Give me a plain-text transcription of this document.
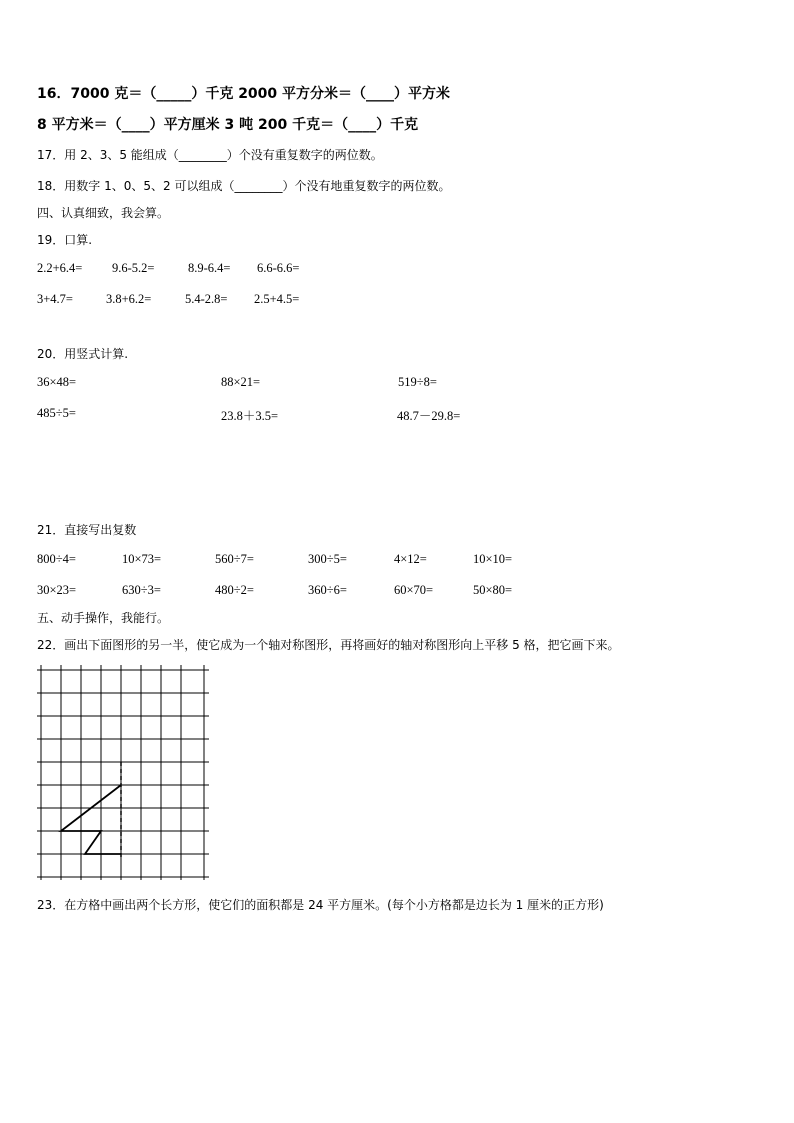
16．7000 克＝（_____）千克 2000 平方分米＝（____）平方米
8 平方米＝（____）平方厘米 3 吨 200 千克＝（____）千克
17．用 2、3、5 能组成（________）个没有重复数字的两位数。
18．用数字 1、0、5、2 可以组成（________）个没有地重复数字的两位数。
四、认真细致，我会算。
19．口算.
2.2+6.4= 9.6-5.2=	8.9-6.4= 6.6-6.6=
3+4.7=	3.8+6.2=	5.4-2.8= 2.5+4.5=
20．用竖式计算.
36×48=	88×21=	519÷8=
485÷5=	23.8＋3.5=	48.7－29.8=
21．直接写出复数
800÷4=	10×73=	560÷7=	300÷5=	4×12=	10×10=
30×23=	630÷3=	480÷2=	360÷6=	60×70=	50×80=
五、动手操作，我能行。
22．画出下面图形的另一半，使它成为一个轴对称图形，再将画好的轴对称图形向上平移 5 格，把它画下来。
23．在方格中画出两个长方形，使它们的面积都是 24 平方厘米。(每个小方格都是边长为 1 厘米的正方形)
